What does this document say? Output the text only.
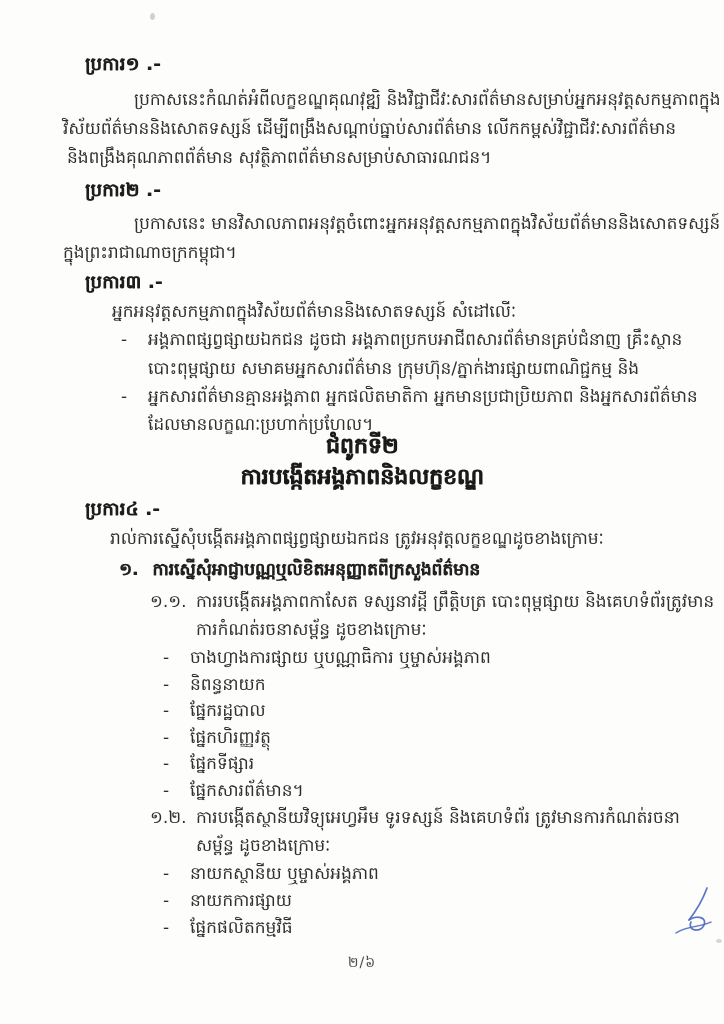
ប្រការ១ .-
ប្រកាសនេះកំណត់អំពីលក្ខខណ្ឌគុណវុឌ្ឍិ និងវិជ្ជាជីវៈសារព័ត៌មានសម្រាប់អ្នកអនុវត្តសកម្មភាពក្នុង
វិស័យព័ត៌មាននិងសោតទស្សន៍ ដើម្បីពង្រឹងសណ្ដាប់ធ្នាប់សារព័ត៌មាន លើកកម្ពស់វិជ្ជាជីវៈសារព័ត៌មាន
និងពង្រឹងគុណភាពព័ត៌មាន សុវត្ថិភាពព័ត៌មានសម្រាប់សាធារណជន។
ប្រការ២ .-
ប្រកាសនេះ មានវិសាលភាពអនុវត្តចំពោះអ្នកអនុវត្តសកម្មភាពក្នុងវិស័យព័ត៌មាននិងសោតទស្សន៍
ក្នុងព្រះរាជាណាចក្រកម្ពុជា។
ប្រការ៣ .-
អ្នកអនុវត្តសកម្មភាពក្នុងវិស័យព័ត៌មាននិងសោតទស្សន៍ សំដៅលើៈ
- អង្គភាពផ្សព្វផ្សាយឯកជន ដូចជា អង្គភាពប្រកបអាជីពសារព័ត៌មានគ្រប់ជំនាញ គ្រឹះស្ថាន
បោះពុម្ពផ្សាយ សមាគមអ្នកសារព័ត៌មាន ក្រុមហ៊ុន/ភ្នាក់ងារផ្សាយពាណិជ្ជកម្ម និង
- អ្នកសារព័ត៌មានគ្មានអង្គភាព អ្នកផលិតមាតិកា អ្នកមានប្រជាប្រិយភាព និងអ្នកសារព័ត៌មាន
ដែលមានលក្ខណៈប្រហាក់ប្រហែល។
ជំពូកទី២
ការបង្កើតអង្គភាពនិងលក្ខខណ្ឌ
ប្រការ៤ .-
រាល់ការស្នើសុំបង្កើតអង្គភាពផ្សព្វផ្សាយឯកជន ត្រូវអនុវត្តលក្ខខណ្ឌដូចខាងក្រោមៈ
១. ការស្នើសុំអាជ្ញាបណ្ណឬលិខិតអនុញ្ញាតពីក្រសួងព័ត៌មាន
១.១. ការរបង្កើតអង្គភាពកាសែត ទស្សនាវដ្ដី ព្រឹត្តិបត្រ បោះពុម្ពផ្សាយ និងគេហទំព័រត្រូវមាន
ការកំណត់រចនាសម្ព័ន្ធ ដូចខាងក្រោមៈ
- ចាងហ្វាងការផ្សាយ ឬបណ្ណាធិការ ឬម្ចាស់អង្គភាព
- និពន្ធនាយក
- ផ្នែករដ្ឋបាល
- ផ្នែកហិរញ្ញវត្ថុ
- ផ្នែកទីផ្សារ
- ផ្នែកសារព័ត៌មាន។
១.២. ការបង្កើតស្ថានីយវិទ្យុអេហ្វអឹម ទូរទស្សន៍ និងគេហទំព័រ ត្រូវមានការកំណត់រចនា
សម្ព័ន្ធ ដូចខាងក្រោមៈ
- នាយកស្ថានីយ ឬម្ចាស់អង្គភាព
- នាយកការផ្សាយ
- ផ្នែកផលិតកម្មវិធី
២/៦
